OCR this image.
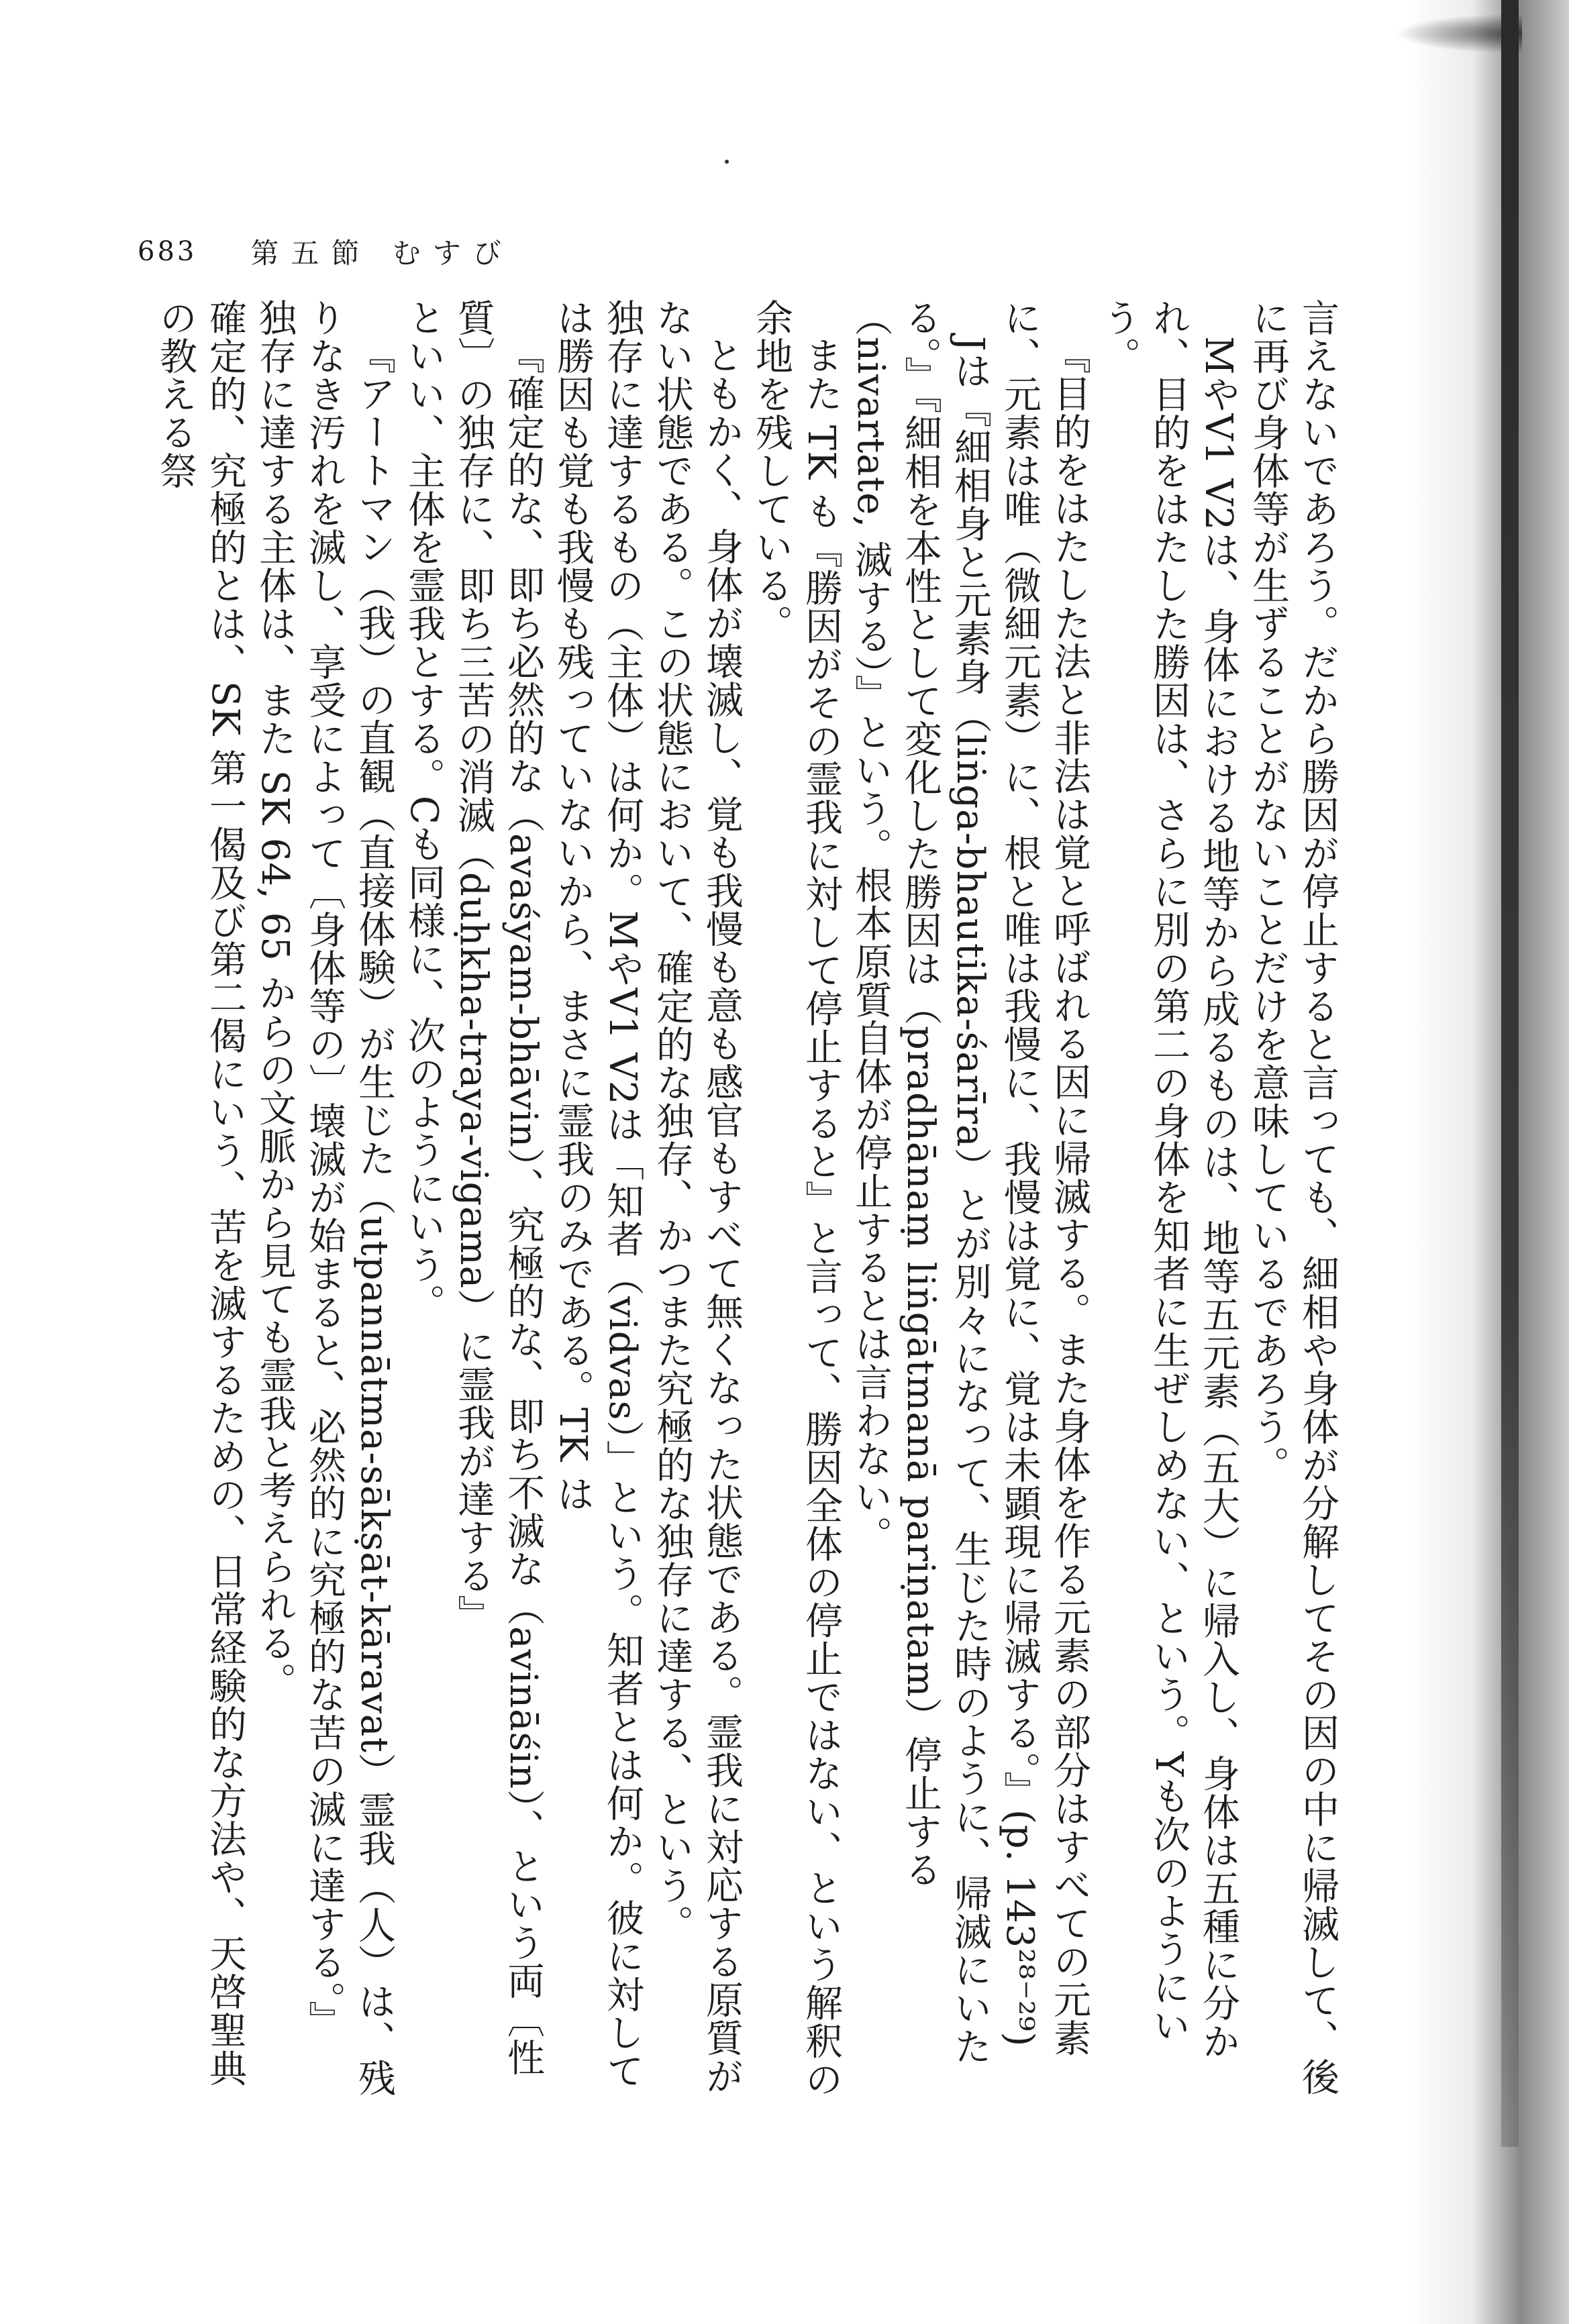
683 第五節 むすび

言えないであろう。だから勝因が停止すると言っても、細相や身体が分解してその因の中に帰滅して、後に再び身体等が生ずることがないことだけを意味しているであろう。

MやV1 V2は、身体における地等から成るものは、地等五元素（五大）に帰入し、身体は五種に分かれ、目的をはたした勝因は、さらに別の第二の身体を知者に生ぜしめない、という。Yも次のようにいう。

『目的をはたした法と非法は覚と呼ばれる因に帰滅する。また身体を作る元素の部分はすべての元素に、元素は唯（微細元素）に、根と唯は我慢に、我慢は覚に、覚は未顕現に帰滅する。』(p. 143²⁸⁻²⁹)

Jは『細相身と元素身（liṅga-bhautika-śarīra）とが別々になって、生じた時のように、帰滅にいたる。』『細相を本性として変化した勝因は（pradhānaṃ liṅgātmanā pariṇatam）停止する（nivartate, 滅する）』という。根本原質自体が停止するとは言わない。

また TK も『勝因がその霊我に対して停止すると』と言って、勝因全体の停止ではない、という解釈の余地を残している。

ともかく、身体が壊滅し、覚も我慢も意も感官もすべて無くなった状態である。霊我に対応する原質がない状態である。この状態において、確定的な独存、かつまた究極的な独存に達する、という。

独存に達するもの（主体）は何か。MやV1 V2は「知者（vidvas）」という。知者とは何か。彼に対しては勝因も覚も我慢も残っていないから、まさに霊我のみである。TK は

『確定的な、即ち必然的な（avaśyam-bhāvin）、究極的な、即ち不滅な（avināśin）、という両〔性質〕の独存に、即ち三苦の消滅（duḥkha-traya-vigama）に霊我が達する』

といい、主体を霊我とする。Cも同様に、次のようにいう。

『アートマン（我）の直観（直接体験）が生じた（utpannātma-sākṣāt-kāravat）霊我（人）は、残りなき汚れを滅し、享受によって〔身体等の〕壊滅が始まると、必然的に究極的な苦の滅に達する。』

独存に達する主体は、また SK 64, 65 からの文脈から見ても霊我と考えられる。

確定的、究極的とは、SK 第一偈及び第二偈にいう、苦を滅するための、日常経験的な方法や、天啓聖典の教える祭
